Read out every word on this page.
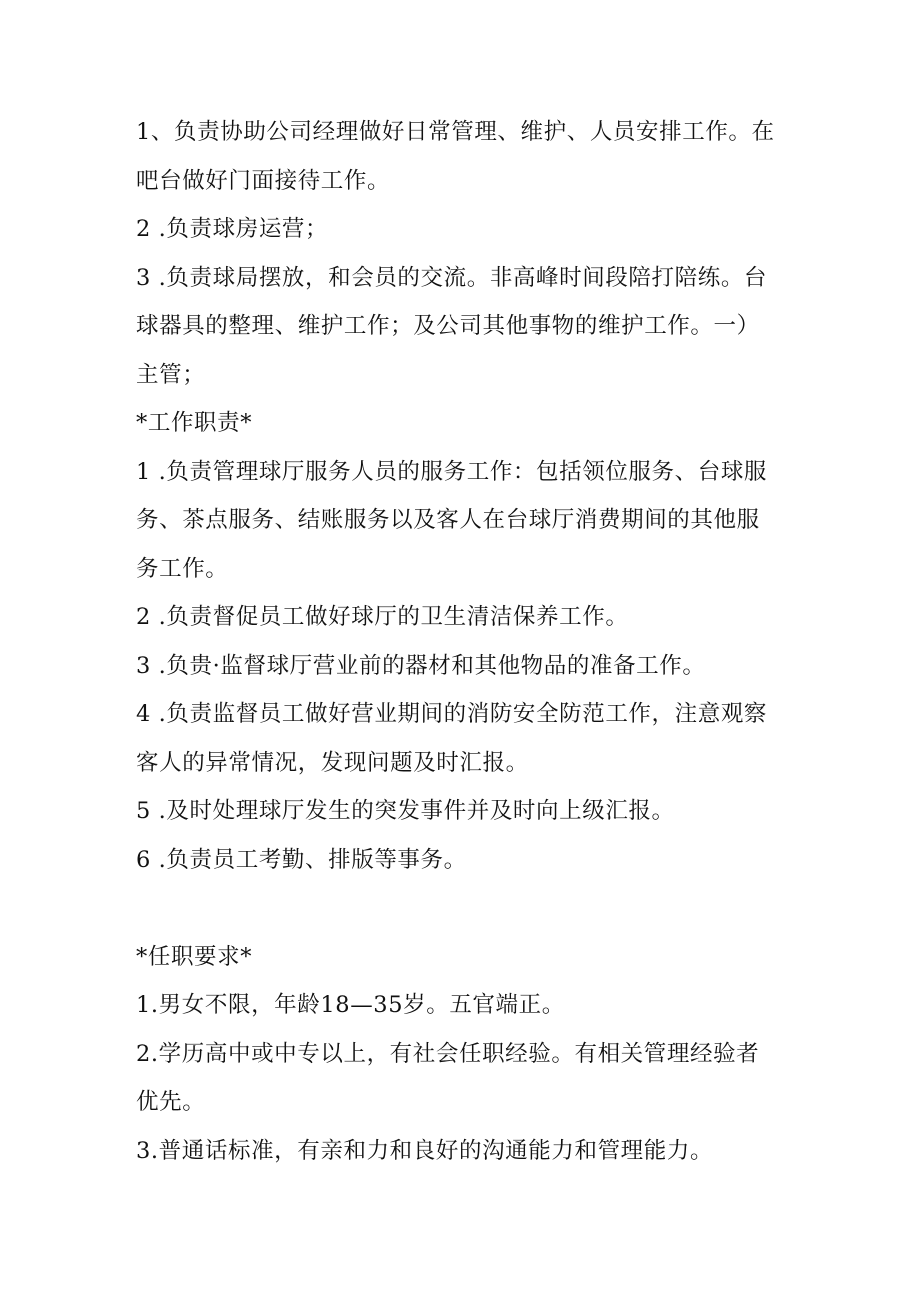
1、负责协助公司经理做好日常管理、维护、人员安排工作。在
吧台做好门面接待工作。
2 .负责球房运营；
3 .负责球局摆放，和会员的交流。非高峰时间段陪打陪练。台
球器具的整理、维护工作；及公司其他事物的维护工作。一）
主管；
*工作职责*
1 .负责管理球厅服务人员的服务工作：包括领位服务、台球服
务、茶点服务、结账服务以及客人在台球厅消费期间的其他服
务工作。
2 .负责督促员工做好球厅的卫生清洁保养工作。
3 .负贵·监督球厅营业前的器材和其他物品的准备工作。
4 .负责监督员工做好营业期间的消防安全防范工作，注意观察
客人的异常情况，发现问题及时汇报。
5 .及时处理球厅发生的突发事件并及时向上级汇报。
6 .负责员工考勤、排版等事务。
*任职要求*
1.男女不限，年龄18—35岁。五官端正。
2.学历高中或中专以上，有社会任职经验。有相关管理经验者
优先。
3.普通话标准，有亲和力和良好的沟通能力和管理能力。
